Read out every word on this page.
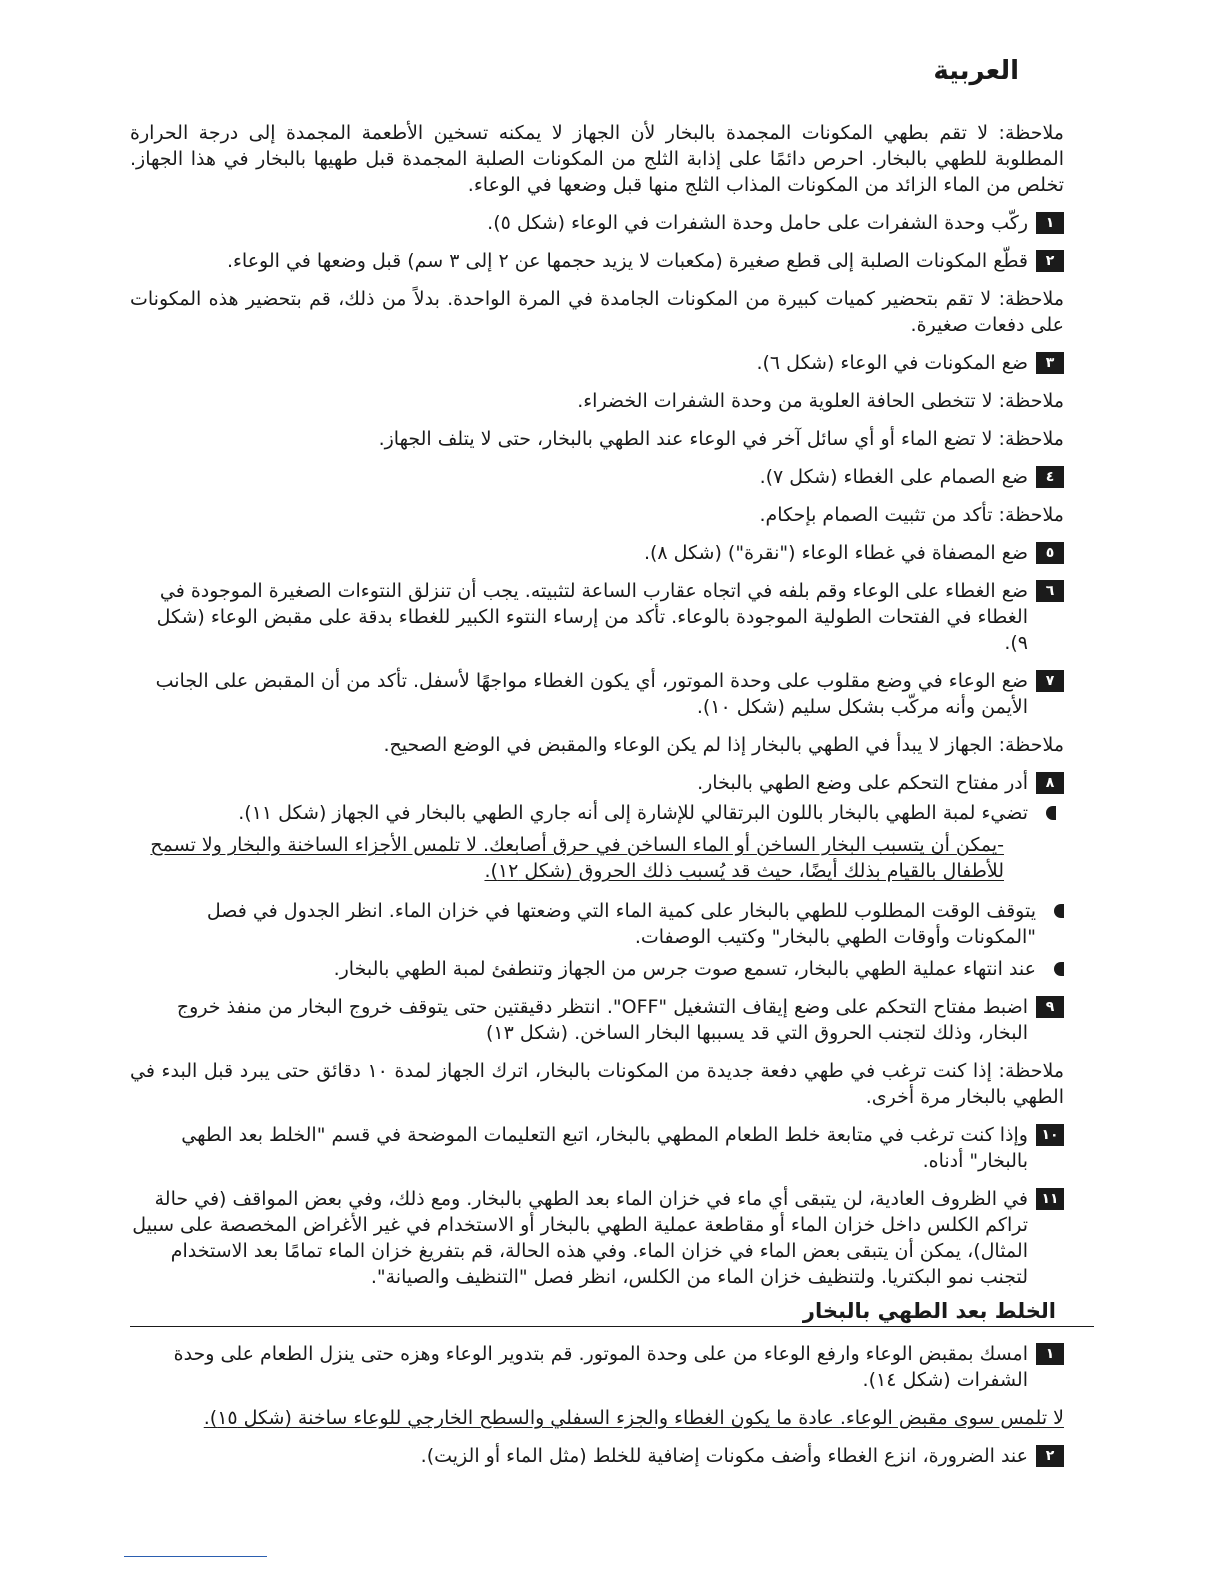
العربية

ملاحظة: لا تقم بطهي المكونات المجمدة بالبخار لأن الجهاز لا يمكنه تسخين الأطعمة المجمدة إلى درجة الحرارة المطلوبة للطهي بالبخار. احرص دائمًا على إذابة الثلج من المكونات الصلبة المجمدة قبل طهيها بالبخار في هذا الجهاز. تخلص من الماء الزائد من المكونات المذاب الثلج منها قبل وضعها في الوعاء.

١
ركّب وحدة الشفرات على حامل وحدة الشفرات في الوعاء (شكل ٥).
٢
قطّع المكونات الصلبة إلى قطع صغيرة (مكعبات لا يزيد حجمها عن ٢ إلى ٣ سم) قبل وضعها في الوعاء.

ملاحظة: لا تقم بتحضير كميات كبيرة من المكونات الجامدة في المرة الواحدة. بدلاً من ذلك، قم بتحضير هذه المكونات على دفعات صغيرة.

٣
ضع المكونات في الوعاء (شكل ٦).

ملاحظة: لا تتخطى الحافة العلوية من وحدة الشفرات الخضراء.

ملاحظة: لا تضع الماء أو أي سائل آخر في الوعاء عند الطهي بالبخار، حتى لا يتلف الجهاز.

٤
ضع الصمام على الغطاء (شكل ٧).

ملاحظة: تأكد من تثبيت الصمام بإحكام.

٥
ضع المصفاة في غطاء الوعاء ("نقرة") (شكل ٨).
٦
ضع الغطاء على الوعاء وقم بلفه في اتجاه عقارب الساعة لتثبيته. يجب أن تنزلق النتوءات الصغيرة الموجودة في الغطاء في الفتحات الطولية الموجودة بالوعاء. تأكد من إرساء النتوء الكبير للغطاء بدقة على مقبض الوعاء (شكل ٩).
٧
ضع الوعاء في وضع مقلوب على وحدة الموتور، أي يكون الغطاء مواجهًا لأسفل. تأكد من أن المقبض على الجانب الأيمن وأنه مركّب بشكل سليم (شكل ١٠).

ملاحظة: الجهاز لا يبدأ في الطهي بالبخار إذا لم يكن الوعاء والمقبض في الوضع الصحيح.

٨
أدر مفتاح التحكم على وضع الطهي بالبخار.
تضيء لمبة الطهي بالبخار باللون البرتقالي للإشارة إلى أنه جاري الطهي بالبخار في الجهاز (شكل ١١).

-يمكن أن يتسبب البخار الساخن أو الماء الساخن في حرق أصابعك. لا تلمس الأجزاء الساخنة والبخار ولا تسمح للأطفال بالقيام بذلك أيضًا، حيث قد يُسبب ذلك الحروق (شكل ١٢).

يتوقف الوقت المطلوب للطهي بالبخار على كمية الماء التي وضعتها في خزان الماء. انظر الجدول في فصل "المكونات وأوقات الطهي بالبخار" وكتيب الوصفات.
عند انتهاء عملية الطهي بالبخار، تسمع صوت جرس من الجهاز وتنطفئ لمبة الطهي بالبخار.
٩
اضبط مفتاح التحكم على وضع إيقاف التشغيل "OFF". انتظر دقيقتين حتى يتوقف خروج البخار من منفذ خروج البخار، وذلك لتجنب الحروق التي قد يسببها البخار الساخن. (شكل ١٣)

ملاحظة: إذا كنت ترغب في طهي دفعة جديدة من المكونات بالبخار، اترك الجهاز لمدة ١٠ دقائق حتى يبرد قبل البدء في الطهي بالبخار مرة أخرى.

١٠
وإذا كنت ترغب في متابعة خلط الطعام المطهي بالبخار، اتبع التعليمات الموضحة في قسم "الخلط بعد الطهي بالبخار" أدناه.
١١
في الظروف العادية، لن يتبقى أي ماء في خزان الماء بعد الطهي بالبخار. ومع ذلك، وفي بعض المواقف (في حالة تراكم الكلس داخل خزان الماء أو مقاطعة عملية الطهي بالبخار أو الاستخدام في غير الأغراض المخصصة على سبيل المثال)، يمكن أن يتبقى بعض الماء في خزان الماء. وفي هذه الحالة، قم بتفريغ خزان الماء تمامًا بعد الاستخدام لتجنب نمو البكتريا. ولتنظيف خزان الماء من الكلس، انظر فصل "التنظيف والصيانة".
الخلط بعد الطهي بالبخار
١
امسك بمقبض الوعاء وارفع الوعاء من على وحدة الموتور. قم بتدوير الوعاء وهزه حتى ينزل الطعام على وحدة الشفرات (شكل ١٤).

لا تلمس سوى مقبض الوعاء. عادة ما يكون الغطاء والجزء السفلي والسطح الخارجي للوعاء ساخنة (شكل ١٥).

٢
عند الضرورة، انزع الغطاء وأضف مكونات إضافية للخلط (مثل الماء أو الزيت).
